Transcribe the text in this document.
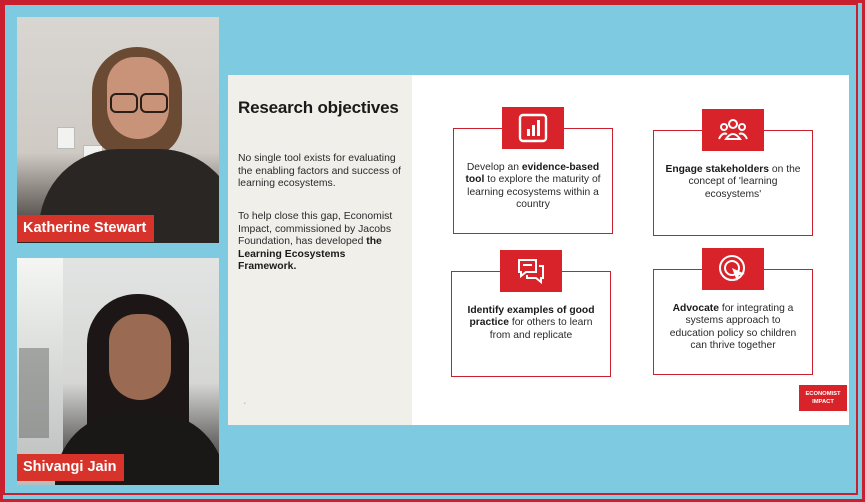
Katherine Stewart
Shivangi Jain
Research objectives

No single tool exists for evaluating the enabling factors and success of learning ecosystems.

To help close this gap, Economist Impact, commissioned by Jacobs Foundation, has developed the Learning Ecosystems Framework.

ʻ
Develop an evidence-based tool to explore the maturity of learning ecosystems within a country
Engage stakeholders on the concept of 'learning ecosystems'
Identify examples of good practice for others to learn from and replicate
Advocate for integrating a systems approach to education policy so children can thrive together
ECONOMIST
IMPACT
